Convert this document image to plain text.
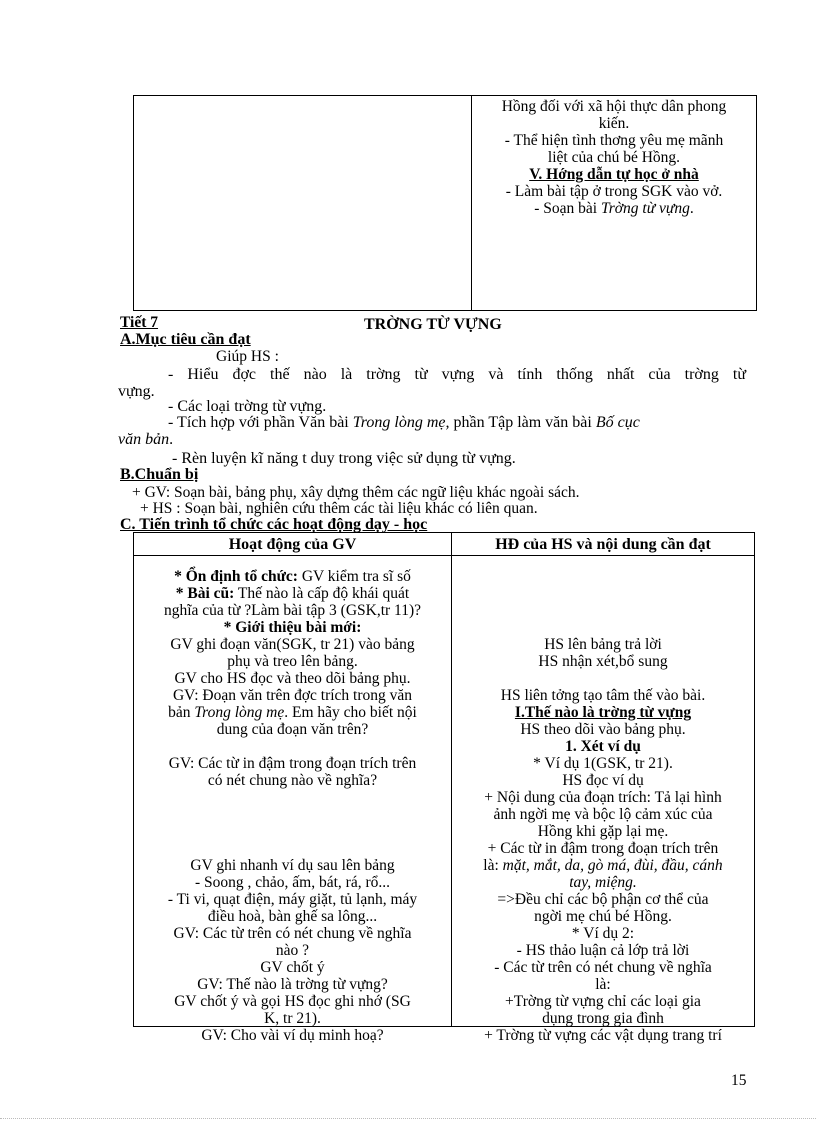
Hồng đối với xã hội thực dân phong
kiến.
- Thể hiện tình thơng yêu mẹ mãnh
liệt của chú bé Hồng.
V. Hớng dẫn tự học ở nhà
- Làm bài tập ở trong SGK vào vở.
- Soạn bài Trờng từ vựng.
Tiết 7	TRỜNG TỪ VỰNG
A.Mục tiêu cần đạt
Giúp HS :
- Hiểu đợc thế nào là trờng từ vựng và tính thống nhất của trờng từ
vựng.
- Các loại trờng từ vựng.
- Tích hợp với phần Văn bài Trong lòng mẹ, phần Tập làm văn bài Bố cục
văn bản.
- Rèn luyện kĩ năng t duy trong việc sử dụng từ vựng.
B.Chuẩn bị
+ GV: Soạn bài, bảng phụ, xây dựng thêm các ngữ liệu khác ngoài sách.
+ HS : Soạn bài, nghiên cứu thêm các tài liệu khác có liên quan.
C. Tiến trình tổ chức các hoạt động dạy - học
Hoạt động của GV	HĐ của HS và nội dung cần đạt
* Ổn định tổ chức: GV kiểm tra sĩ số
* Bài cũ: Thế nào là cấp độ khái quát
nghĩa của từ ?Làm bài tập 3 (GSK,tr 11)?
* Giới thiệu bài mới:
GV ghi đoạn văn(SGK, tr 21) vào bảng
phụ và treo lên bảng.
GV cho HS đọc và theo dõi bảng phụ.
GV: Đoạn văn trên đợc trích trong văn
bản Trong lòng mẹ. Em hãy cho biết nội
dung của đoạn văn trên?
GV: Các từ in đậm trong đoạn trích trên
có nét chung nào về nghĩa?
GV ghi nhanh ví dụ sau lên bảng
- Soong , chảo, ấm, bát, rá, rổ...
- Ti vi, quạt điện, máy giặt, tủ lạnh, máy
điều hoà, bàn ghế sa lông...
GV: Các từ trên có nét chung về nghĩa
nào ?
GV chốt ý
GV: Thế nào là trờng từ vựng?
GV chốt ý và gọi HS đọc ghi nhớ (SG
K, tr 21).
GV: Cho vài ví dụ minh hoạ?
HS lên bảng trả lời
HS nhận xét,bổ sung
HS liên tởng tạo tâm thế vào bài.
I.Thế nào là trờng từ vựng
HS theo dõi vào bảng phụ.
1. Xét ví dụ
* Ví dụ 1(GSK, tr 21).
HS đọc ví dụ
+ Nội dung của đoạn trích: Tả lại hình
ảnh ngời mẹ và bộc lộ cảm xúc của
Hồng khi gặp lại mẹ.
+ Các từ in đậm trong đoạn trích trên
là: mặt, mắt, da, gò má, đùi, đầu, cánh
tay, miệng.
=>Đều chỉ các bộ phận cơ thể của
ngời mẹ chú bé Hồng.
* Ví dụ 2:
- HS thảo luận cả lớp trả lời
- Các từ trên có nét chung về nghĩa
là:
+Trờng từ vựng chỉ các loại gia
dụng trong gia đình
+ Trờng từ vựng các vật dụng trang trí
15
